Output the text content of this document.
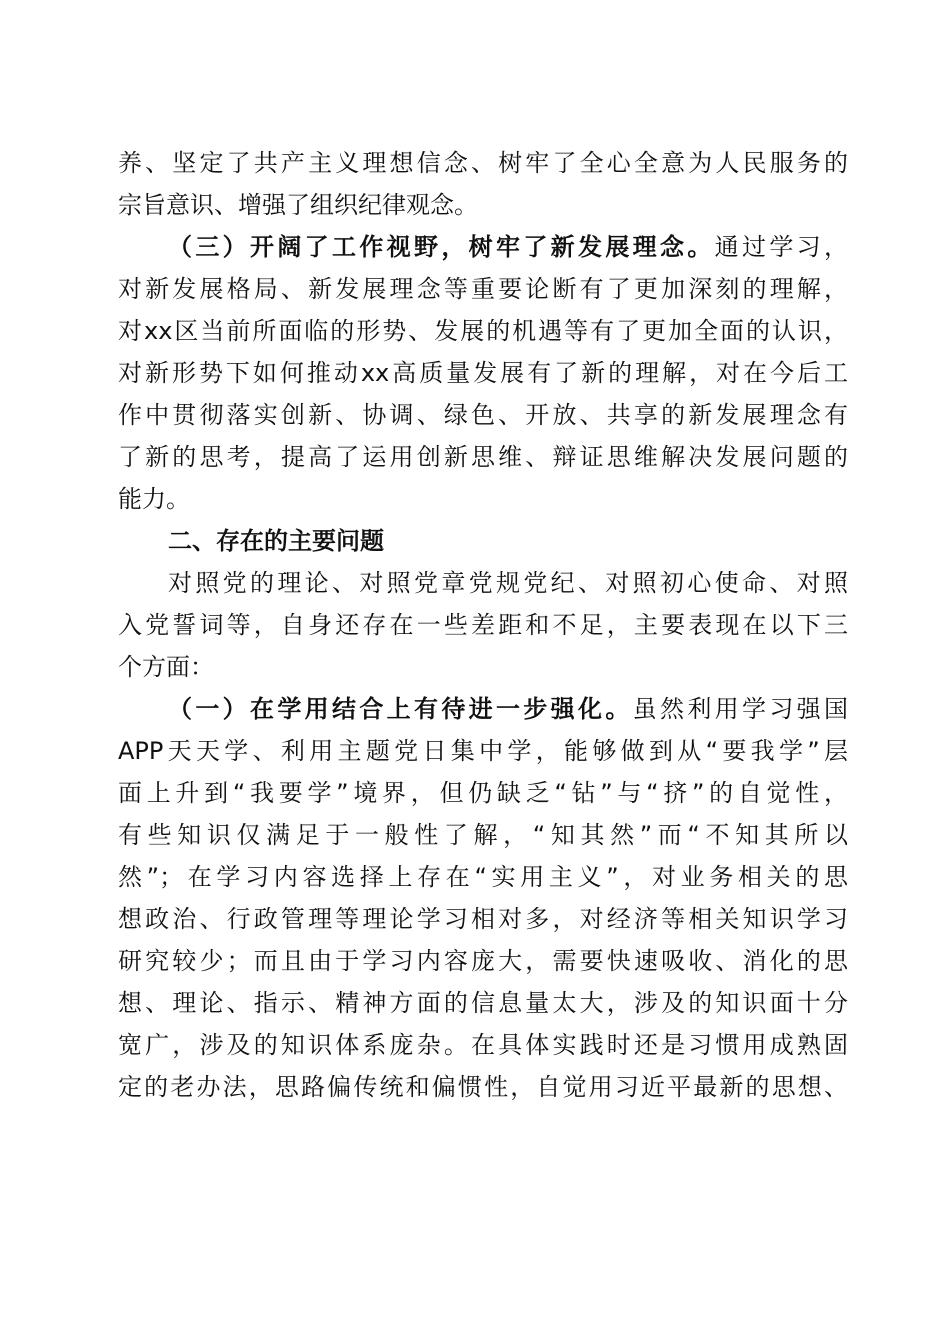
养、坚定了共产主义理想信念、树牢了全心全意为人民服务的
宗旨意识、增强了组织纪律观念。
（三）开阔了工作视野，树牢了新发展理念。通过学习，
对新发展格局、新发展理念等重要论断有了更加深刻的理解，
对xx区当前所面临的形势、发展的机遇等有了更加全面的认识，
对新形势下如何推动xx高质量发展有了新的理解，对在今后工
作中贯彻落实创新、协调、绿色、开放、共享的新发展理念有
了新的思考，提高了运用创新思维、辩证思维解决发展问题的
能力。
二、存在的主要问题
对照党的理论、对照党章党规党纪、对照初心使命、对照
入党誓词等，自身还存在一些差距和不足，主要表现在以下三
个方面：
（一）在学用结合上有待进一步强化。虽然利用学习强国
APP天天学、利用主题党日集中学，能够做到从“要我学”层
面上升到“我要学”境界，但仍缺乏“钻”与“挤”的自觉性，
有些知识仅满足于一般性了解，“知其然”而“不知其所以
然”；在学习内容选择上存在“实用主义”，对业务相关的思
想政治、行政管理等理论学习相对多，对经济等相关知识学习
研究较少；而且由于学习内容庞大，需要快速吸收、消化的思
想、理论、指示、精神方面的信息量太大，涉及的知识面十分
宽广，涉及的知识体系庞杂。在具体实践时还是习惯用成熟固
定的老办法，思路偏传统和偏惯性，自觉用习近平最新的思想、
